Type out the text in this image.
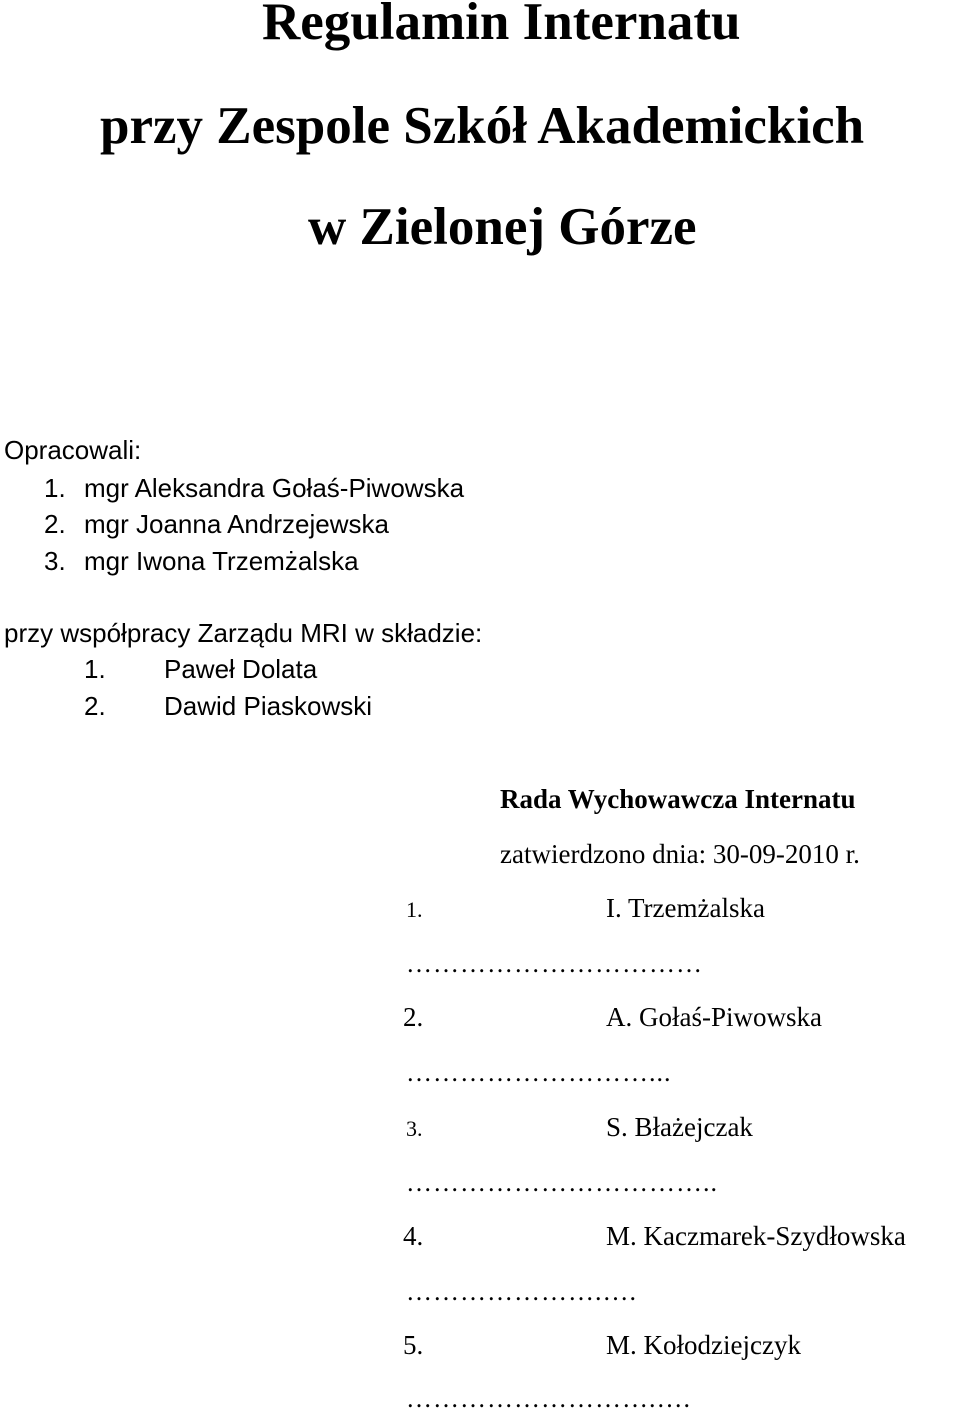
Regulamin Internatu
przy Zespole Szkół Akademickich
w Zielonej Górze

Opracowali:

1. mgr Aleksandra Gołaś-Piwowska
2. mgr Joanna Andrzejewska
3. mgr Iwona Trzemżalska

przy współpracy Zarządu MRI w składzie:

1. Paweł Dolata
2. Dawid Piaskowski

Rada Wychowawcza Internatu

zatwierdzono dnia: 30-09-2010 r.

1.	I. Trzemżalska
……………………………
2.	A. Gołaś-Piwowska
………………………...
3.	S. Błażejczak
……………………………..
4.	M. Kaczmarek-Szydłowska
………………….….
5.	M. Kołodziejczyk
……………………….….
